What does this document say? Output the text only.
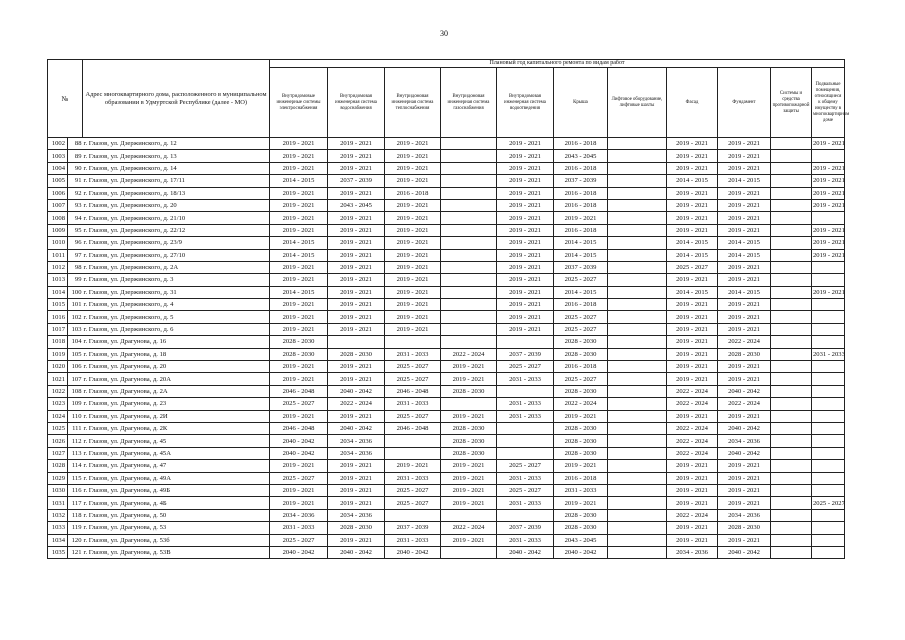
30
№		Адрес многоквартирного дома, расположенного в муниципальном образовании в Удмуртской Республике (далее - МО)	Плановый год капитального ремонта по видам работ										
			Внутридомовые инженерные системы электроснабжения	Внутридомовая инженерная система водоснабжения	Внутридомовая инженерная система теплоснабжения	Внутридомовая инженерная система газоснабжения	Внутридомовая инженерная система водоотведения	Крыша	Лифтовое оборудование, лифтовые шахты	Фасад	Фундамент	Системы и средства противопожарной защиты	Подвальные помещения, относящиеся к общему имуществу в многоквартирном доме
1002	88	г. Глазов, ул. Дзержинского, д. 12	2019 - 2021	2019 - 2021	2019 - 2021		2019 - 2021	2016 - 2018		2019 - 2021	2019 - 2021		2019 - 2021
1003	89	г. Глазов, ул. Дзержинского, д. 13	2019 - 2021	2019 - 2021	2019 - 2021		2019 - 2021	2043 - 2045		2019 - 2021	2019 - 2021		
1004	90	г. Глазов, ул. Дзержинского, д. 14	2019 - 2021	2019 - 2021	2019 - 2021		2019 - 2021	2016 - 2018		2019 - 2021	2019 - 2021		2019 - 2021
1005	91	г. Глазов, ул. Дзержинского, д. 17/11	2014 - 2015	2037 - 2039	2019 - 2021		2019 - 2021	2037 - 2039		2014 - 2015	2014 - 2015		2019 - 2021
1006	92	г. Глазов, ул. Дзержинского, д. 18/13	2019 - 2021	2019 - 2021	2016 - 2018		2019 - 2021	2016 - 2018		2019 - 2021	2019 - 2021		2019 - 2021
1007	93	г. Глазов, ул. Дзержинского, д. 20	2019 - 2021	2043 - 2045	2019 - 2021		2019 - 2021	2016 - 2018		2019 - 2021	2019 - 2021		2019 - 2021
1008	94	г. Глазов, ул. Дзержинского, д. 21/10	2019 - 2021	2019 - 2021	2019 - 2021		2019 - 2021	2019 - 2021		2019 - 2021	2019 - 2021		
1009	95	г. Глазов, ул. Дзержинского, д. 22/12	2019 - 2021	2019 - 2021	2019 - 2021		2019 - 2021	2016 - 2018		2019 - 2021	2019 - 2021		2019 - 2021
1010	96	г. Глазов, ул. Дзержинского, д. 23/9	2014 - 2015	2019 - 2021	2019 - 2021		2019 - 2021	2014 - 2015		2014 - 2015	2014 - 2015		2019 - 2021
1011	97	г. Глазов, ул. Дзержинского, д. 27/10	2014 - 2015	2019 - 2021	2019 - 2021		2019 - 2021	2014 - 2015		2014 - 2015	2014 - 2015		2019 - 2021
1012	98	г. Глазов, ул. Дзержинского, д. 2А	2019 - 2021	2019 - 2021	2019 - 2021		2019 - 2021	2037 - 2039		2025 - 2027	2019 - 2021		
1013	99	г. Глазов, ул. Дзержинского, д. 3	2019 - 2021	2019 - 2021	2019 - 2021		2019 - 2021	2025 - 2027		2019 - 2021	2019 - 2021		
1014	100	г. Глазов, ул. Дзержинского, д. 31	2014 - 2015	2019 - 2021	2019 - 2021		2019 - 2021	2014 - 2015		2014 - 2015	2014 - 2015		2019 - 2021
1015	101	г. Глазов, ул. Дзержинского, д. 4	2019 - 2021	2019 - 2021	2019 - 2021		2019 - 2021	2016 - 2018		2019 - 2021	2019 - 2021		
1016	102	г. Глазов, ул. Дзержинского, д. 5	2019 - 2021	2019 - 2021	2019 - 2021		2019 - 2021	2025 - 2027		2019 - 2021	2019 - 2021		
1017	103	г. Глазов, ул. Дзержинского, д. 6	2019 - 2021	2019 - 2021	2019 - 2021		2019 - 2021	2025 - 2027		2019 - 2021	2019 - 2021		
1018	104	г. Глазов, ул. Драгунова, д. 16	2028 - 2030					2028 - 2030		2019 - 2021	2022 - 2024		
1019	105	г. Глазов, ул. Драгунова, д. 18	2028 - 2030	2028 - 2030	2031 - 2033	2022 - 2024	2037 - 2039	2028 - 2030		2019 - 2021	2028 - 2030		2031 - 2033
1020	106	г. Глазов, ул. Драгунова, д. 20	2019 - 2021	2019 - 2021	2025 - 2027	2019 - 2021	2025 - 2027	2016 - 2018		2019 - 2021	2019 - 2021		
1021	107	г. Глазов, ул. Драгунова, д. 20А	2019 - 2021	2019 - 2021	2025 - 2027	2019 - 2021	2031 - 2033	2025 - 2027		2019 - 2021	2019 - 2021		
1022	108	г. Глазов, ул. Драгунова, д. 2А	2046 - 2048	2040 - 2042	2046 - 2048	2028 - 2030		2028 - 2030		2022 - 2024	2040 - 2042		
1023	109	г. Глазов, ул. Драгунова, д. 23	2025 - 2027	2022 - 2024	2031 - 2033		2031 - 2033	2022 - 2024		2022 - 2024	2022 - 2024		
1024	110	г. Глазов, ул. Драгунова, д. 2И	2019 - 2021	2019 - 2021	2025 - 2027	2019 - 2021	2031 - 2033	2019 - 2021		2019 - 2021	2019 - 2021		
1025	111	г. Глазов, ул. Драгунова, д. 2К	2046 - 2048	2040 - 2042	2046 - 2048	2028 - 2030		2028 - 2030		2022 - 2024	2040 - 2042		
1026	112	г. Глазов, ул. Драгунова, д. 45	2040 - 2042	2034 - 2036		2028 - 2030		2028 - 2030		2022 - 2024	2034 - 2036		
1027	113	г. Глазов, ул. Драгунова, д. 45А	2040 - 2042	2034 - 2036		2028 - 2030		2028 - 2030		2022 - 2024	2040 - 2042		
1028	114	г. Глазов, ул. Драгунова, д. 47	2019 - 2021	2019 - 2021	2019 - 2021	2019 - 2021	2025 - 2027	2019 - 2021		2019 - 2021	2019 - 2021		
1029	115	г. Глазов, ул. Драгунова, д. 49А	2025 - 2027	2019 - 2021	2031 - 2033	2019 - 2021	2031 - 2033	2016 - 2018		2019 - 2021	2019 - 2021		
1030	116	г. Глазов, ул. Драгунова, д. 49Б	2019 - 2021	2019 - 2021	2025 - 2027	2019 - 2021	2025 - 2027	2031 - 2033		2019 - 2021	2019 - 2021		
1031	117	г. Глазов, ул. Драгунова, д. 4Б	2019 - 2021	2019 - 2021	2025 - 2027	2019 - 2021	2031 - 2033	2019 - 2021		2019 - 2021	2019 - 2021		2025 - 2027
1032	118	г. Глазов, ул. Драгунова, д. 50	2034 - 2036	2034 - 2036				2028 - 2030		2022 - 2024	2034 - 2036		
1033	119	г. Глазов, ул. Драгунова, д. 53	2031 - 2033	2028 - 2030	2037 - 2039	2022 - 2024	2037 - 2039	2028 - 2030		2019 - 2021	2028 - 2030		
1034	120	г. Глазов, ул. Драгунова, д. 53б	2025 - 2027	2019 - 2021	2031 - 2033	2019 - 2021	2031 - 2033	2043 - 2045		2019 - 2021	2019 - 2021		
1035	121	г. Глазов, ул. Драгунова, д. 53В	2040 - 2042	2040 - 2042	2040 - 2042		2040 - 2042	2040 - 2042		2034 - 2036	2040 - 2042		
